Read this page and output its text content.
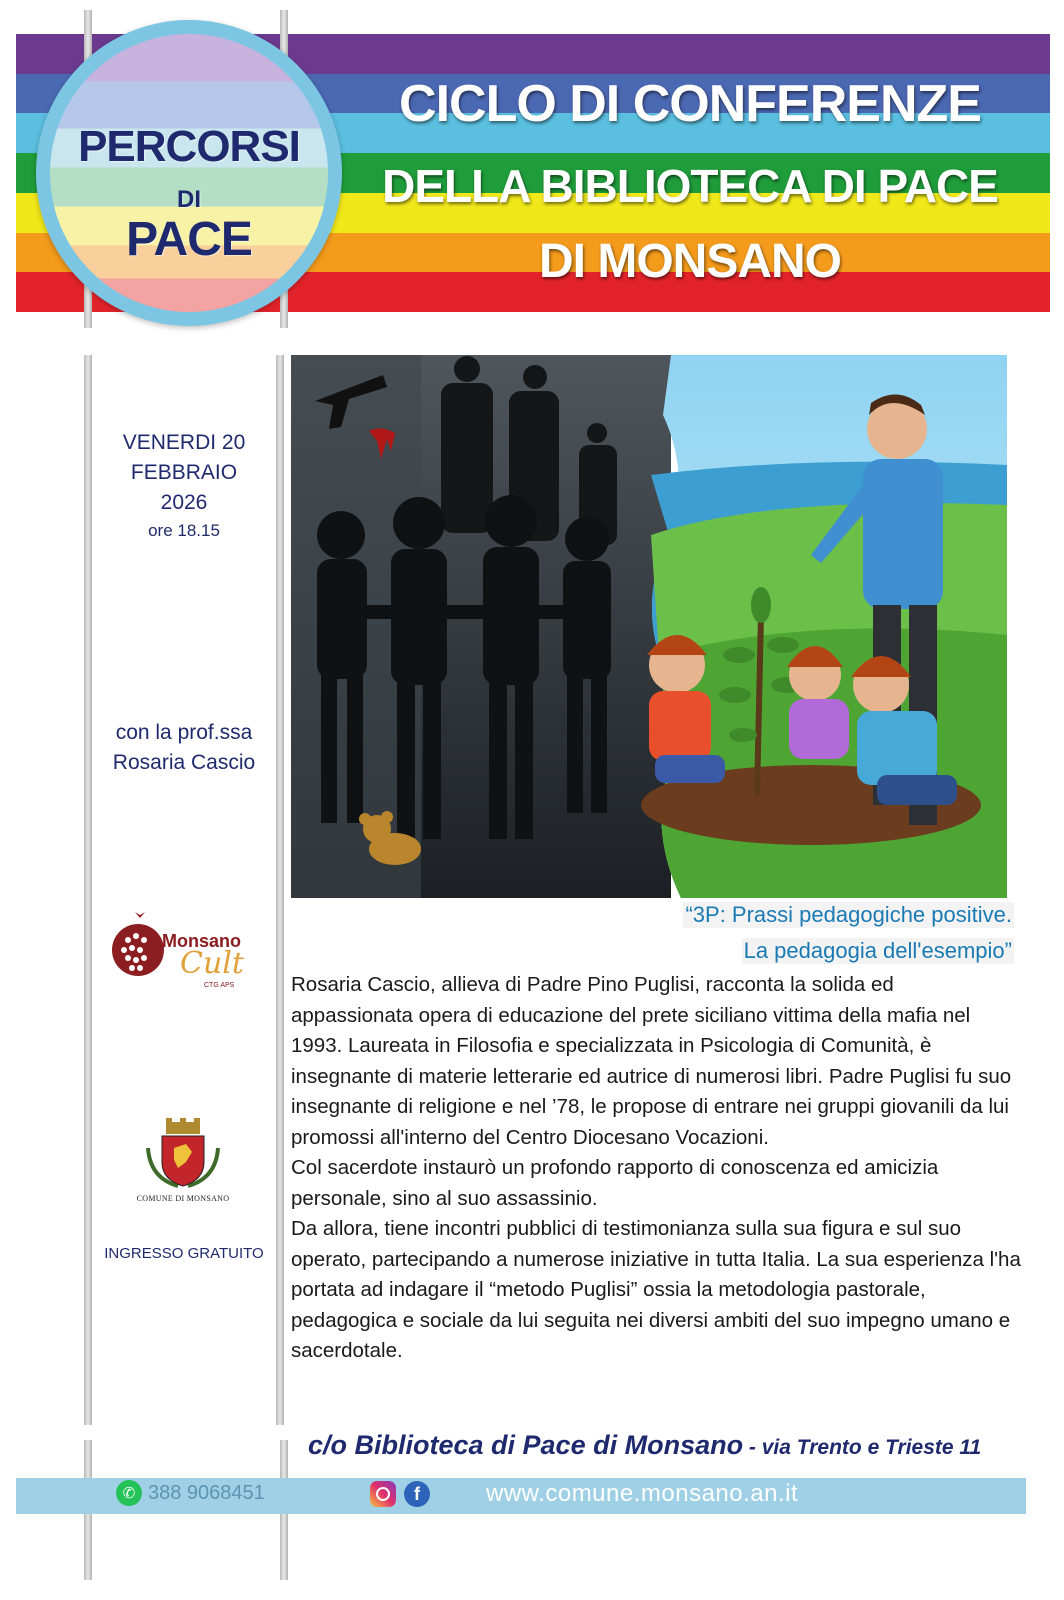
CICLO DI CONFERENZE
DELLA BIBLIOTECA DI PACE
DI MONSANO
PERCORSI
DI
PACE
VENERDI 20
FEBBRAIO
2026
ore 18.15
con la prof.ssa
Rosaria Cascio
Monsano
Cult
CTG APS
COMUNE DI MONSANO
INGRESSO GRATUITO
“3P: Prassi pedagogiche positive.
La pedagogia dell'esempio”

Rosaria Cascio, allieva di Padre Pino Puglisi, racconta la solida ed appassionata opera di educazione del prete siciliano vittima della mafia nel 1993. Laureata in Filosofia e specializzata in Psicologia di Comunità, è insegnante di materie letterarie ed autrice di numerosi libri. Padre Puglisi fu suo insegnante di religione e nel ’78, le propose di entrare nei gruppi giovanili da lui promossi all'interno del Centro Diocesano Vocazioni.

Col sacerdote instaurò un profondo rapporto di conoscenza ed amicizia personale, sino al suo assassinio.

Da allora, tiene incontri pubblici di testimonianza sulla sua figura e sul suo operato, partecipando a numerose iniziative in tutta Italia. La sua esperienza l'ha portata ad indagare il “metodo Puglisi” ossia la metodologia pastorale, pedagogica e sociale da lui seguita nei diversi ambiti del suo impegno umano e sacerdotale.

c/o Biblioteca di Pace di Monsano - via Trento e Trieste 11
✆ 388 9068451	f	www.comune.monsano.an.it
